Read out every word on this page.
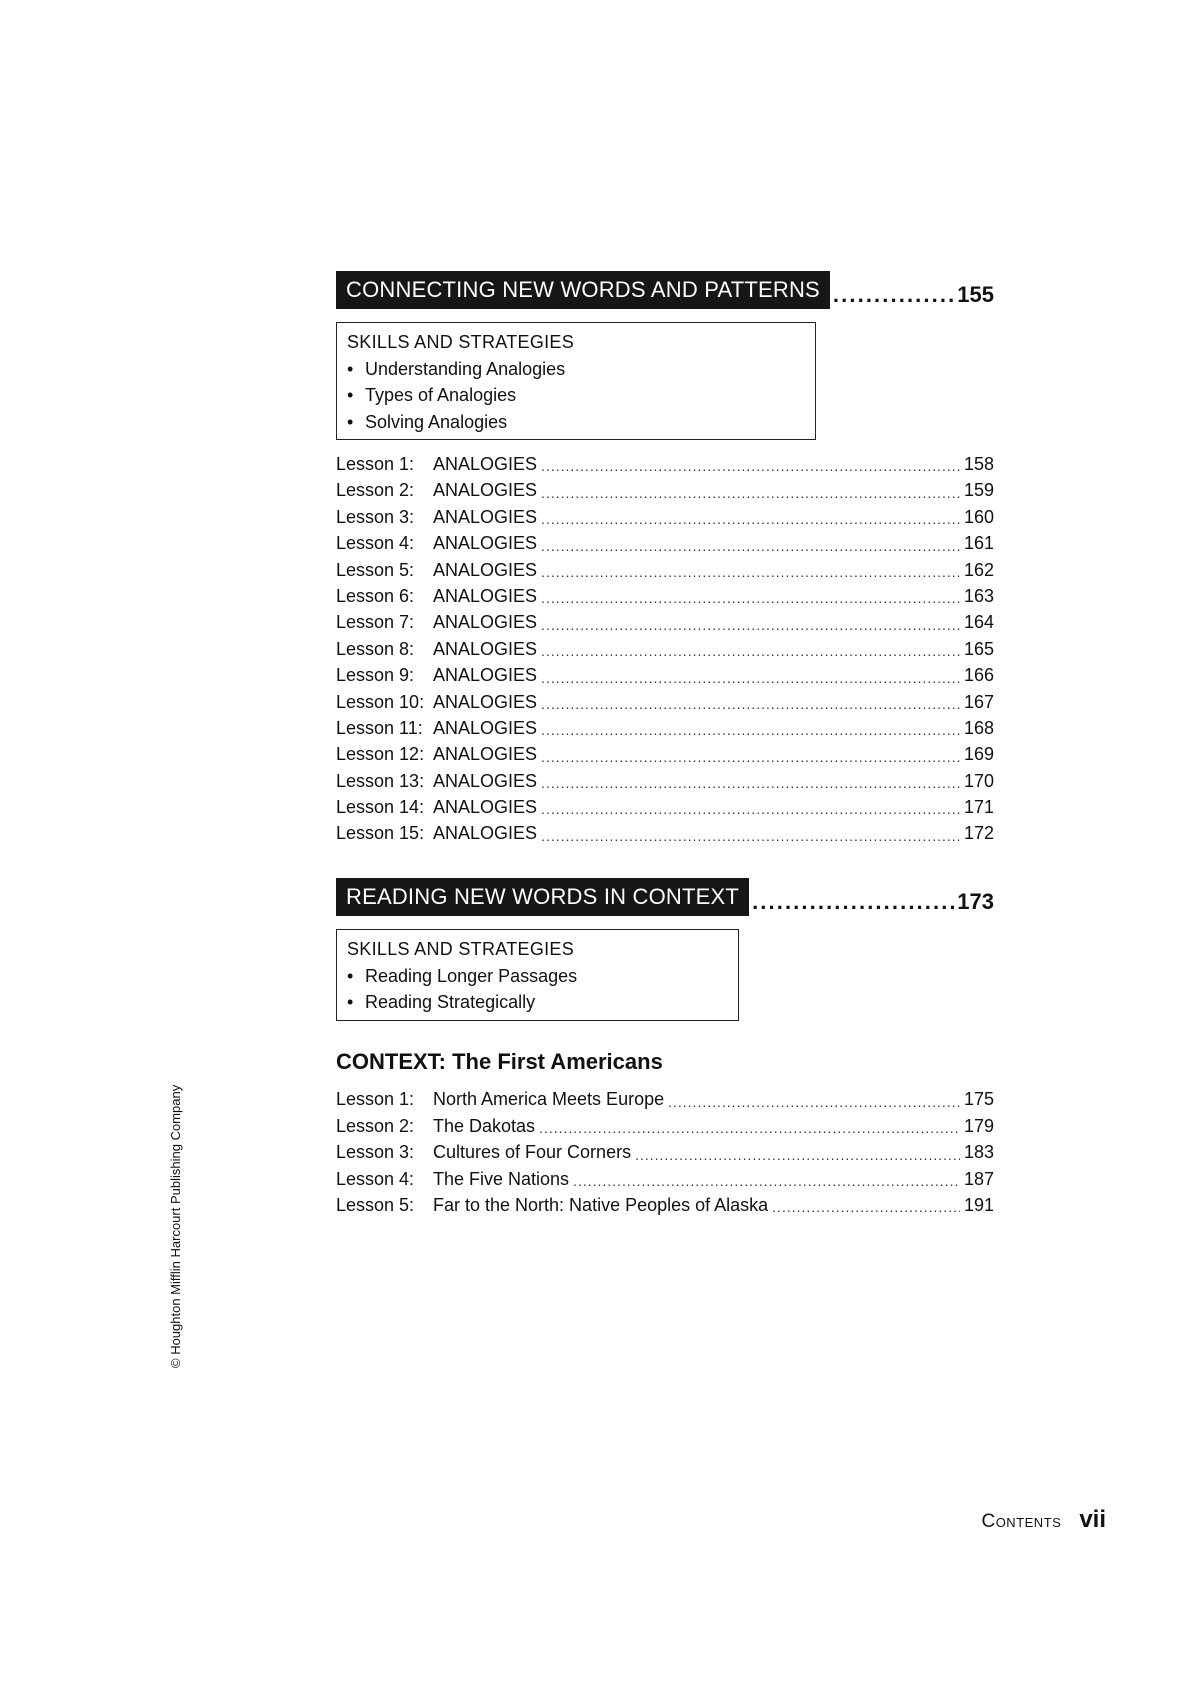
CONNECTING NEW WORDS AND PATTERNS . . .	155
SKILLS AND STRATEGIES
• Understanding Analogies
• Types of Analogies
• Solving Analogies
Lesson 1:	ANALOGIES .....	158
Lesson 2:	ANALOGIES .....	159
Lesson 3:	ANALOGIES .....	160
Lesson 4:	ANALOGIES .....	161
Lesson 5:	ANALOGIES .....	162
Lesson 6:	ANALOGIES .....	163
Lesson 7:	ANALOGIES .....	164
Lesson 8:	ANALOGIES .....	165
Lesson 9:	ANALOGIES .....	166
Lesson 10: ANALOGIES .....	167
Lesson 11: ANALOGIES .....	168
Lesson 12: ANALOGIES .....	169
Lesson 13: ANALOGIES .....	170
Lesson 14: ANALOGIES .....	171
Lesson 15: ANALOGIES .....	172
READING NEW WORDS IN CONTEXT . . .	173
SKILLS AND STRATEGIES
• Reading Longer Passages
• Reading Strategically
CONTEXT: The First Americans
Lesson 1:	North America Meets Europe .....	175
Lesson 2:	The Dakotas .....	179
Lesson 3:	Cultures of Four Corners .....	183
Lesson 4:	The Five Nations .....	187
Lesson 5:	Far to the North: Native Peoples of Alaska .....	191
© Houghton Mifflin Harcourt Publishing Company
Contents vii
